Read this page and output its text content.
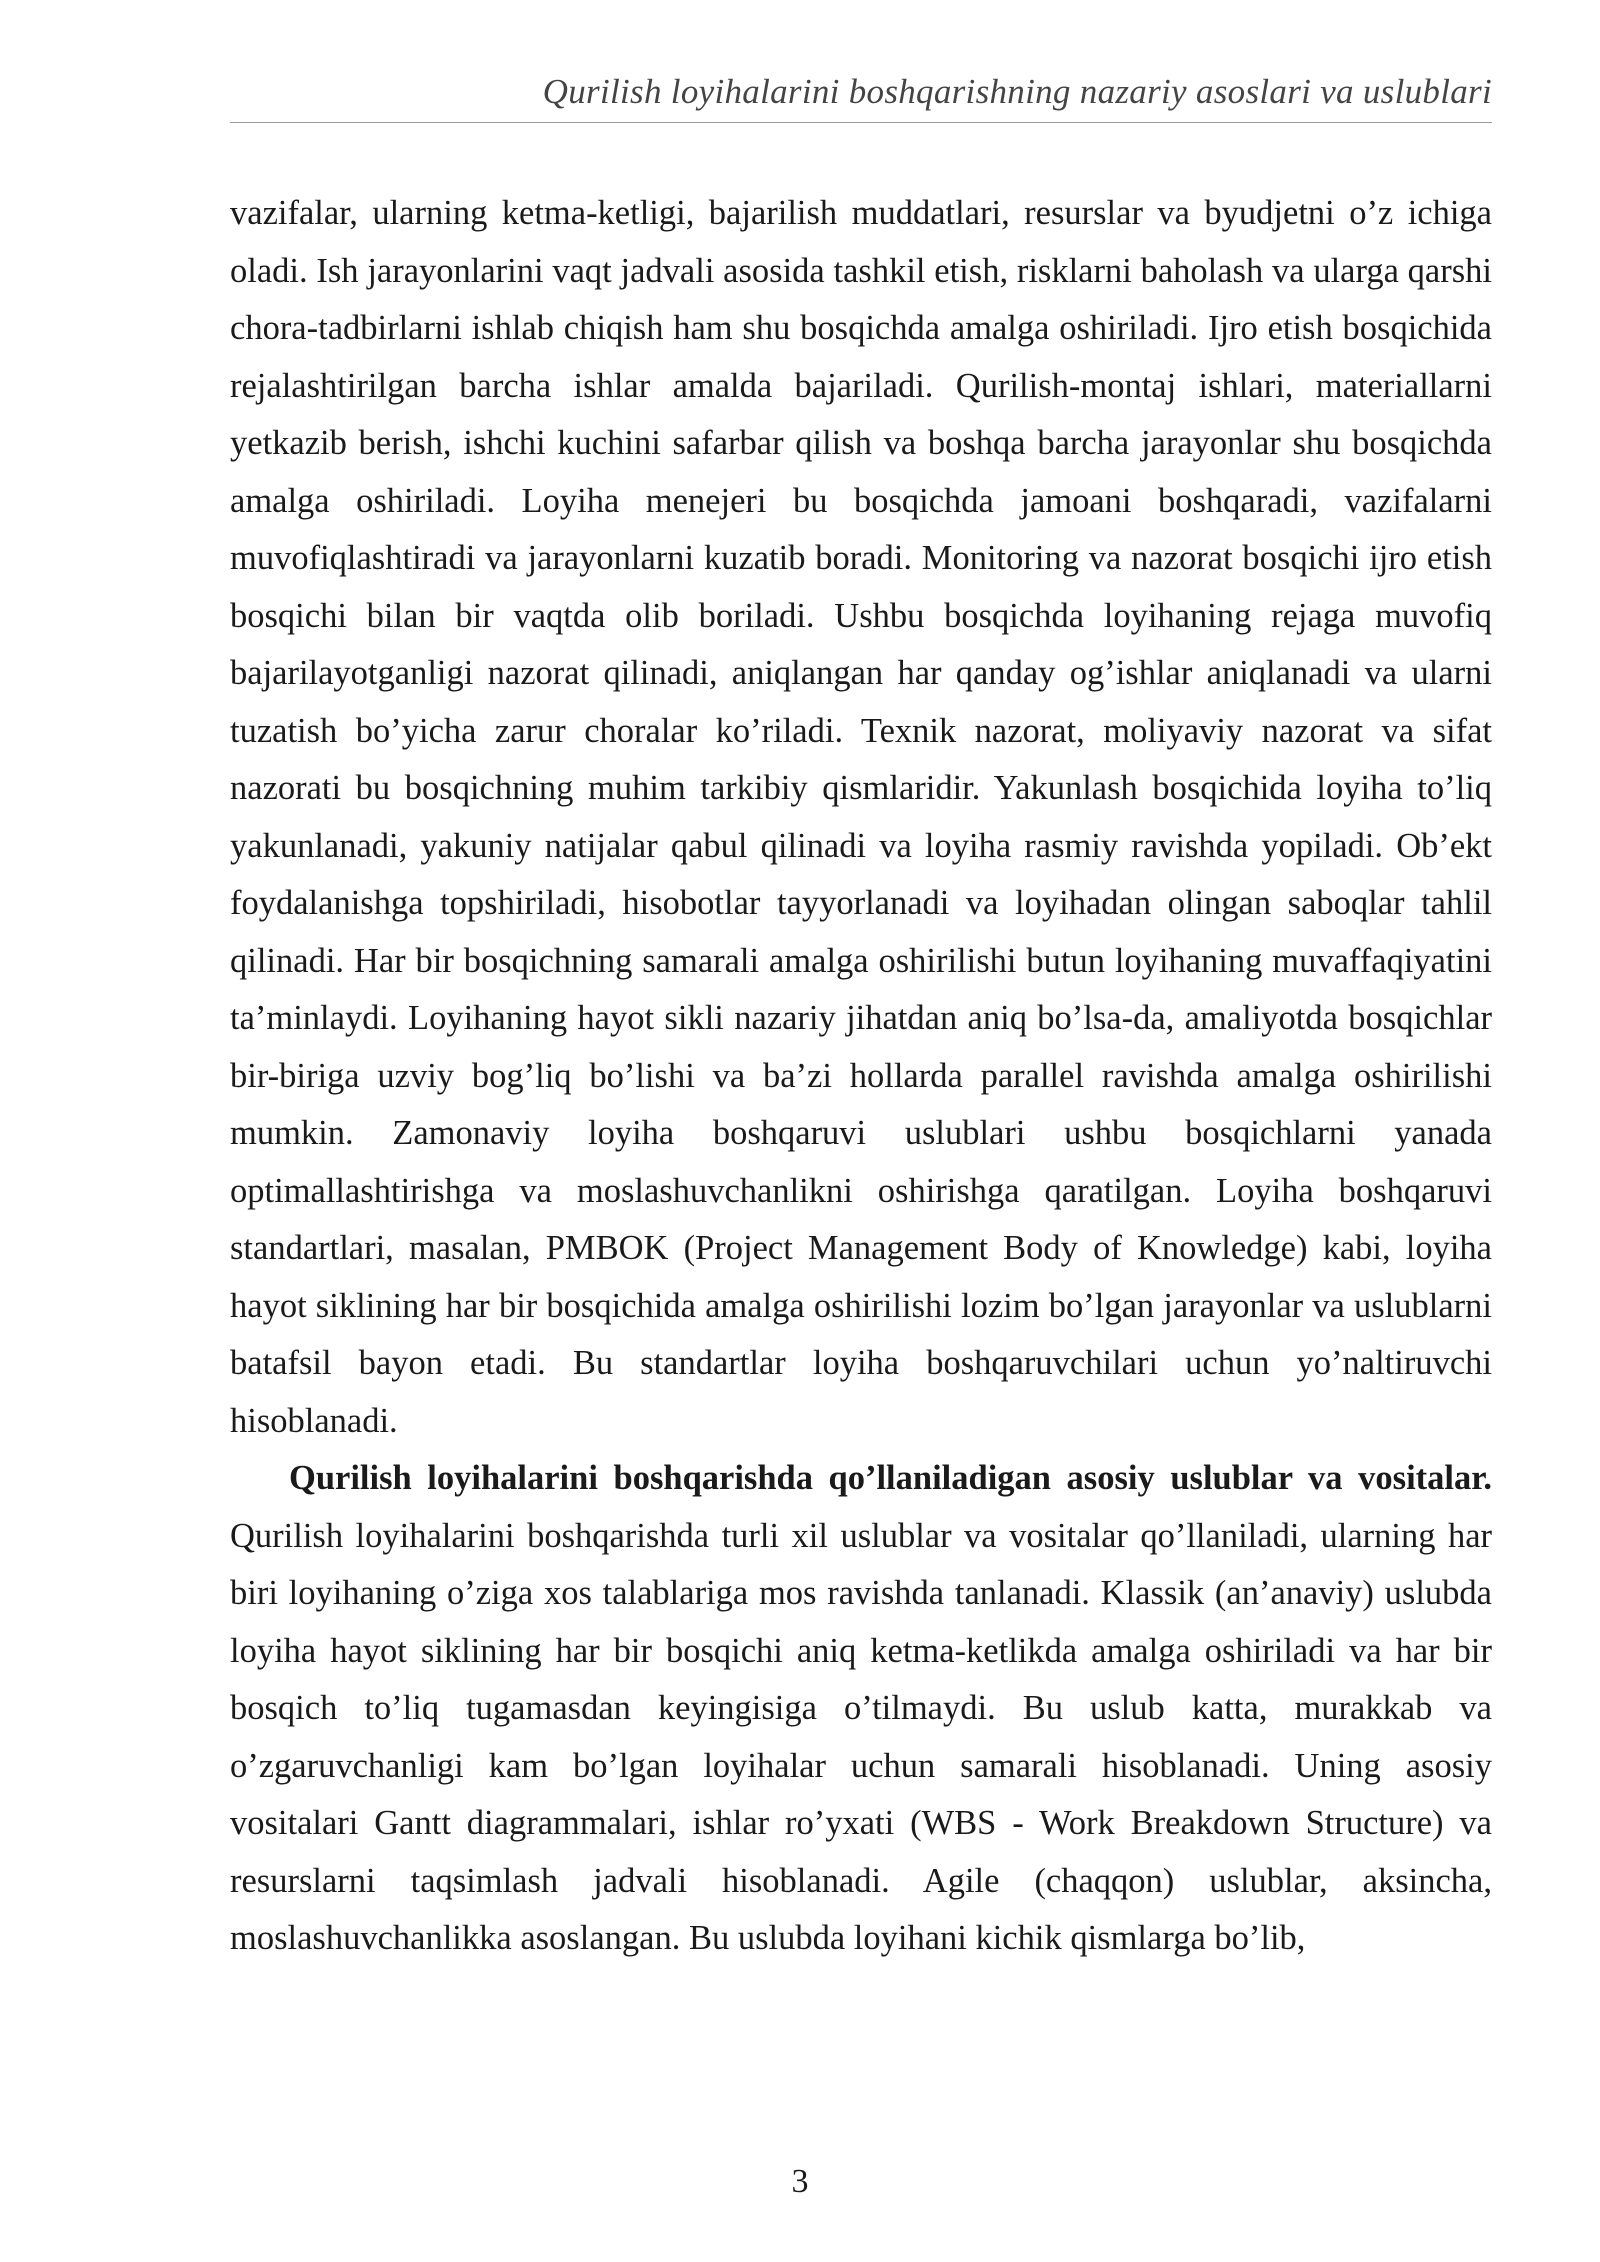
Qurilish loyihalarini boshqarishning nazariy asoslari va uslublari

vazifalar, ularning ketma-ketligi, bajarilish muddatlari, resurslar va byudjetni o’z ichiga oladi. Ish jarayonlarini vaqt jadvali asosida tashkil etish, risklarni baholash va ularga qarshi chora-tadbirlarni ishlab chiqish ham shu bosqichda amalga oshiriladi. Ijro etish bosqichida rejalashtirilgan barcha ishlar amalda bajariladi. Qurilish-montaj ishlari, materiallarni yetkazib berish, ishchi kuchini safarbar qilish va boshqa barcha jarayonlar shu bosqichda amalga oshiriladi. Loyiha menejeri bu bosqichda jamoani boshqaradi, vazifalarni muvofiqlashtiradi va jarayonlarni kuzatib boradi. Monitoring va nazorat bosqichi ijro etish bosqichi bilan bir vaqtda olib boriladi. Ushbu bosqichda loyihaning rejaga muvofiq bajarilayotganligi nazorat qilinadi, aniqlangan har qanday og’ishlar aniqlanadi va ularni tuzatish bo’yicha zarur choralar ko’riladi. Texnik nazorat, moliyaviy nazorat va sifat nazorati bu bosqichning muhim tarkibiy qismlaridir. Yakunlash bosqichida loyiha to’liq yakunlanadi, yakuniy natijalar qabul qilinadi va loyiha rasmiy ravishda yopiladi. Ob’ekt foydalanishga topshiriladi, hisobotlar tayyorlanadi va loyihadan olingan saboqlar tahlil qilinadi. Har bir bosqichning samarali amalga oshirilishi butun loyihaning muvaffaqiyatini ta’minlaydi. Loyihaning hayot sikli nazariy jihatdan aniq bo’lsa-da, amaliyotda bosqichlar bir-biriga uzviy bog’liq bo’lishi va ba’zi hollarda parallel ravishda amalga oshirilishi mumkin. Zamonaviy loyiha boshqaruvi uslublari ushbu bosqichlarni yanada optimallashtirishga va moslashuvchanlikni oshirishga qaratilgan. Loyiha boshqaruvi standartlari, masalan, PMBOK (Project Management Body of Knowledge) kabi, loyiha hayot siklining har bir bosqichida amalga oshirilishi lozim bo’lgan jarayonlar va uslublarni batafsil bayon etadi. Bu standartlar loyiha boshqaruvchilari uchun yo’naltiruvchi hisoblanadi.

Qurilish loyihalarini boshqarishda qo’llaniladigan asosiy uslublar va vositalar. Qurilish loyihalarini boshqarishda turli xil uslublar va vositalar qo’llaniladi, ularning har biri loyihaning o’ziga xos talablariga mos ravishda tanlanadi. Klassik (an’anaviy) uslubda loyiha hayot siklining har bir bosqichi aniq ketma-ketlikda amalga oshiriladi va har bir bosqich to’liq tugamasdan keyingisiga o’tilmaydi. Bu uslub katta, murakkab va o’zgaruvchanligi kam bo’lgan loyihalar uchun samarali hisoblanadi. Uning asosiy vositalari Gantt diagrammalari, ishlar ro’yxati (WBS - Work Breakdown Structure) va resurslarni taqsimlash jadvali hisoblanadi. Agile (chaqqon) uslublar, aksincha, moslashuvchanlikka asoslangan. Bu uslubda loyihani kichik qismlarga bo’lib,

3
